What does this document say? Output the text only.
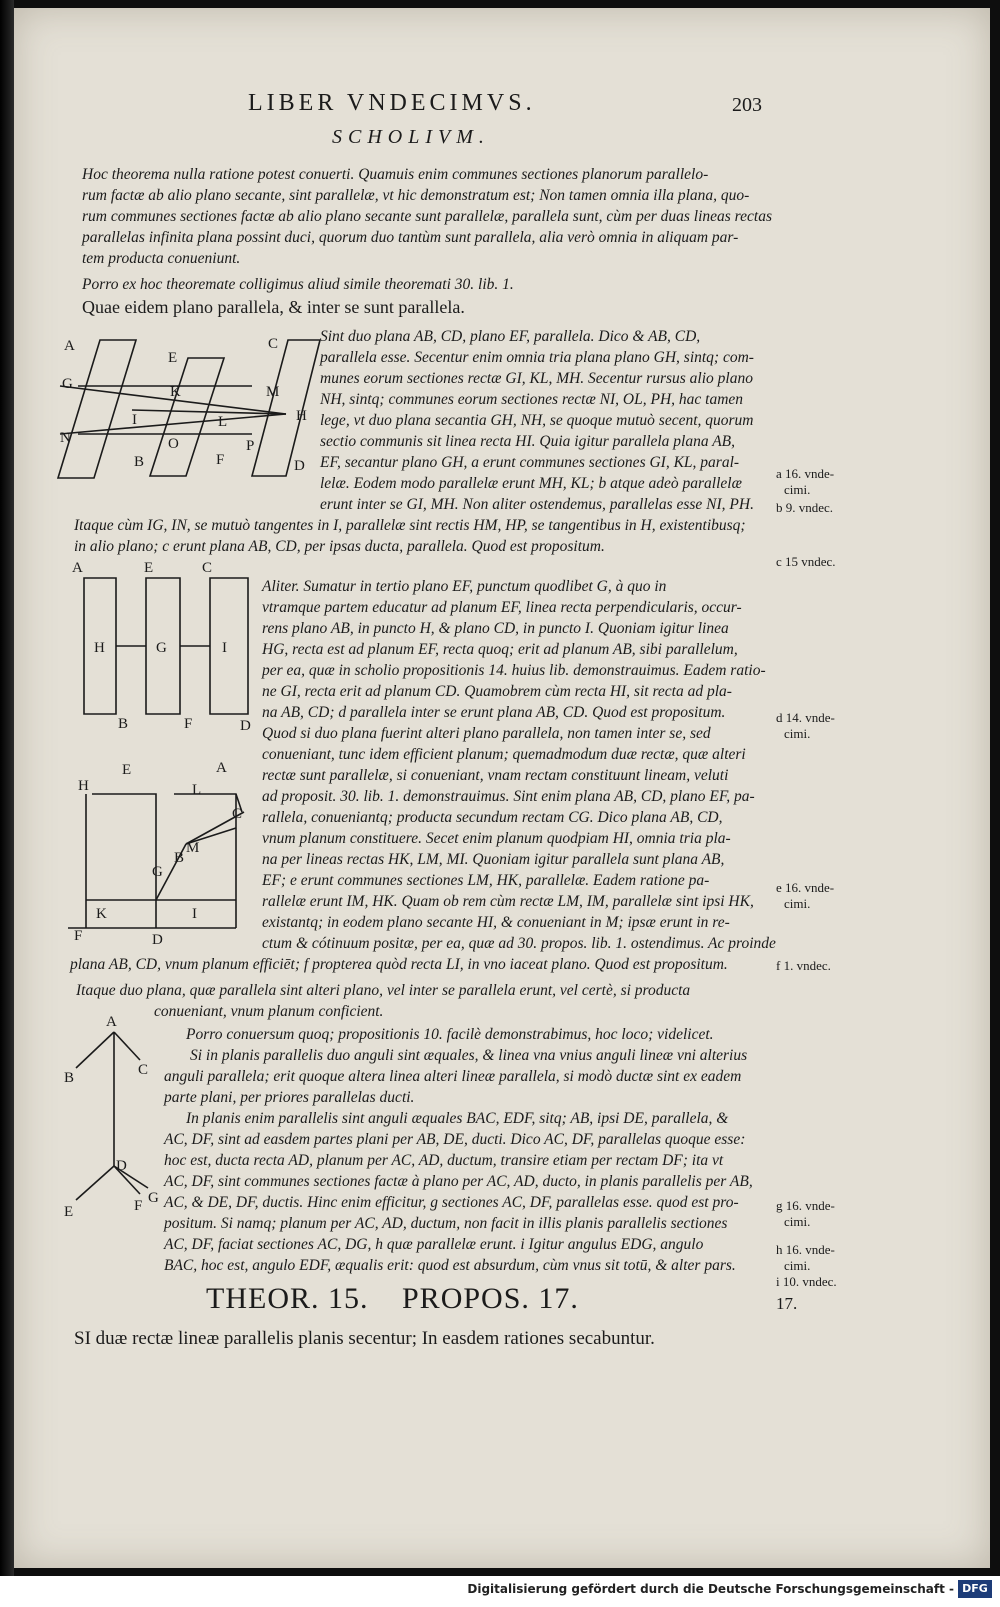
LIBER VNDECIMVS.	203
SCHOLIVM.
Hoc theorema nulla ratione potest conuerti. Quamuis enim communes sectiones planorum parallelo-
rum factæ ab alio plano secante, sint parallelæ, vt hic demonstratum est; Non tamen omnia illa plana, quo-
rum communes sectiones factæ ab alio plano secante sunt parallelæ, parallela sunt, cùm per duas lineas rectas
parallelas infinita plana possint duci, quorum duo tantùm sunt parallela, alia verò omnia in aliquam par-
tem producta conueniunt.
Porro ex hoc theoremate colligimus aliud simile theoremati 30. lib. 1.
Quae eidem plano parallela, & inter se sunt parallela.
A
E
C
G	K	M
H
N
I	L
O	P
B	F	D
Sint duo plana AB, CD, plano EF, parallela. Dico & AB, CD,
parallela esse. Secentur enim omnia tria plana plano GH, sintq; com-
munes eorum sectiones rectæ GI, KL, MH. Secentur rursus alio plano
NH, sintq; communes eorum sectiones rectæ NI, OL, PH, hac tamen
lege, vt duo plana secantia GH, NH, se quoque mutuò secent, quorum
sectio communis sit linea recta HI. Quia igitur parallela plana AB,
EF, secantur plano GH, a erunt communes sectiones GI, KL, paral-
lelæ. Eodem modo parallelæ erunt MH, KL; b atque adeò parallelæ
erunt inter se GI, MH. Non aliter ostendemus, parallelas esse NI, PH.
Itaque cùm IG, IN, se mutuò tangentes in I, parallelæ sint rectis HM, HP, se tangentibus in H, existentibusq;
in alio plano; c erunt plana AB, CD, per ipsas ducta, parallela. Quod est propositum.
A	E	C
H	G	I
B	F	D
Aliter. Sumatur in tertio plano EF, punctum quodlibet G, à quo in
vtramque partem educatur ad planum EF, linea recta perpendicularis, occur-
rens plano AB, in puncto H, & plano CD, in puncto I. Quoniam igitur linea
HG, recta est ad planum EF, recta quoq; erit ad planum AB, sibi parallelum,
per ea, quæ in scholio propositionis 14. huius lib. demonstrauimus. Eadem ratio-
ne GI, recta erit ad planum CD. Quamobrem cùm recta HI, sit recta ad pla-
na AB, CD; d parallela inter se erunt plana AB, CD. Quod est propositum.
Quod si duo plana fuerint alteri plano parallela, non tamen inter se, sed
conueniant, tunc idem efficient planum; quemadmodum duæ rectæ, quæ alteri
rectæ sunt parallelæ, si conueniant, vnam rectam constituunt lineam, veluti
ad proposit. 30. lib. 1. demonstrauimus. Sint enim plana AB, CD, plano EF, pa-
rallela, conueniantq; producta secundum rectam CG. Dico plana AB, CD,
vnum planum constituere. Secet enim planum quodpiam HI, omnia tria pla-
na per lineas rectas HK, LM, MI. Quoniam igitur parallela sunt plana AB,
EF; e erunt communes sectiones LM, HK, parallelæ. Eadem ratione pa-
rallelæ erunt IM, HK. Quam ob rem cùm rectæ LM, IM, parallelæ sint ipsi HK,
existantq; in eodem plano secante HI, & conueniant in M; ipsæ erunt in re-
ctum & cótinuum positæ, per ea, quæ ad 30. propos. lib. 1. ostendimus. Ac proinde
plana AB, CD, vnum planum efficiēt; f propterea quòd recta LI, in vno iaceat plano. Quod est propositum.
E	A
H	L
C
M
G
B
K	I
F	D
Itaque duo plana, quæ parallela sint alteri plano, vel inter se parallela erunt, vel certè, si producta
conueniant, vnum planum conficient.
A
B	C
D
E	F G
Porro conuersum quoq; propositionis 10. facilè demonstrabimus, hoc loco; videlicet.
Si in planis parallelis duo anguli sint æquales, & linea vna vnius anguli lineæ vni alterius
anguli parallela; erit quoque altera linea alteri lineæ parallela, si modò ductæ sint ex eadem
parte plani, per priores parallelas ducti.
In planis enim parallelis sint anguli æquales BAC, EDF, sitq; AB, ipsi DE, parallela, &
AC, DF, sint ad easdem partes plani per AB, DE, ducti. Dico AC, DF, parallelas quoque esse:
hoc est, ducta recta AD, planum per AC, AD, ductum, transire etiam per rectam DF; ita vt
AC, DF, sint communes sectiones factæ à plano per AC, AD, ducto, in planis parallelis per AB,
AC, & DE, DF, ductis. Hinc enim efficitur, g sectiones AC, DF, parallelas esse. quod est pro-
positum. Si namq; planum per AC, AD, ductum, non facit in illis planis parallelis sectiones
AC, DF, faciat sectiones AC, DG, h quæ parallelæ erunt. i Igitur angulus EDG, angulo
BAC, hoc est, angulo EDF, æqualis erit: quod est absurdum, cùm vnus sit totū, & alter pars.
THEOR. 15. PROPOS. 17.
SI duæ rectæ lineæ parallelis planis secentur; In easdem rationes secabuntur.
a 16. vnde-
cimi.
b 9. vndec.
c 15 vndec.
d 14. vnde-
cimi.
e 16. vnde-
cimi.
f 1. vndec.
g 16. vnde-
cimi.
h 16. vnde-
cimi.
i 10. vndec.
17.
Digitalisierung gefördert durch die Deutsche Forschungsgemeinschaft - DFG
